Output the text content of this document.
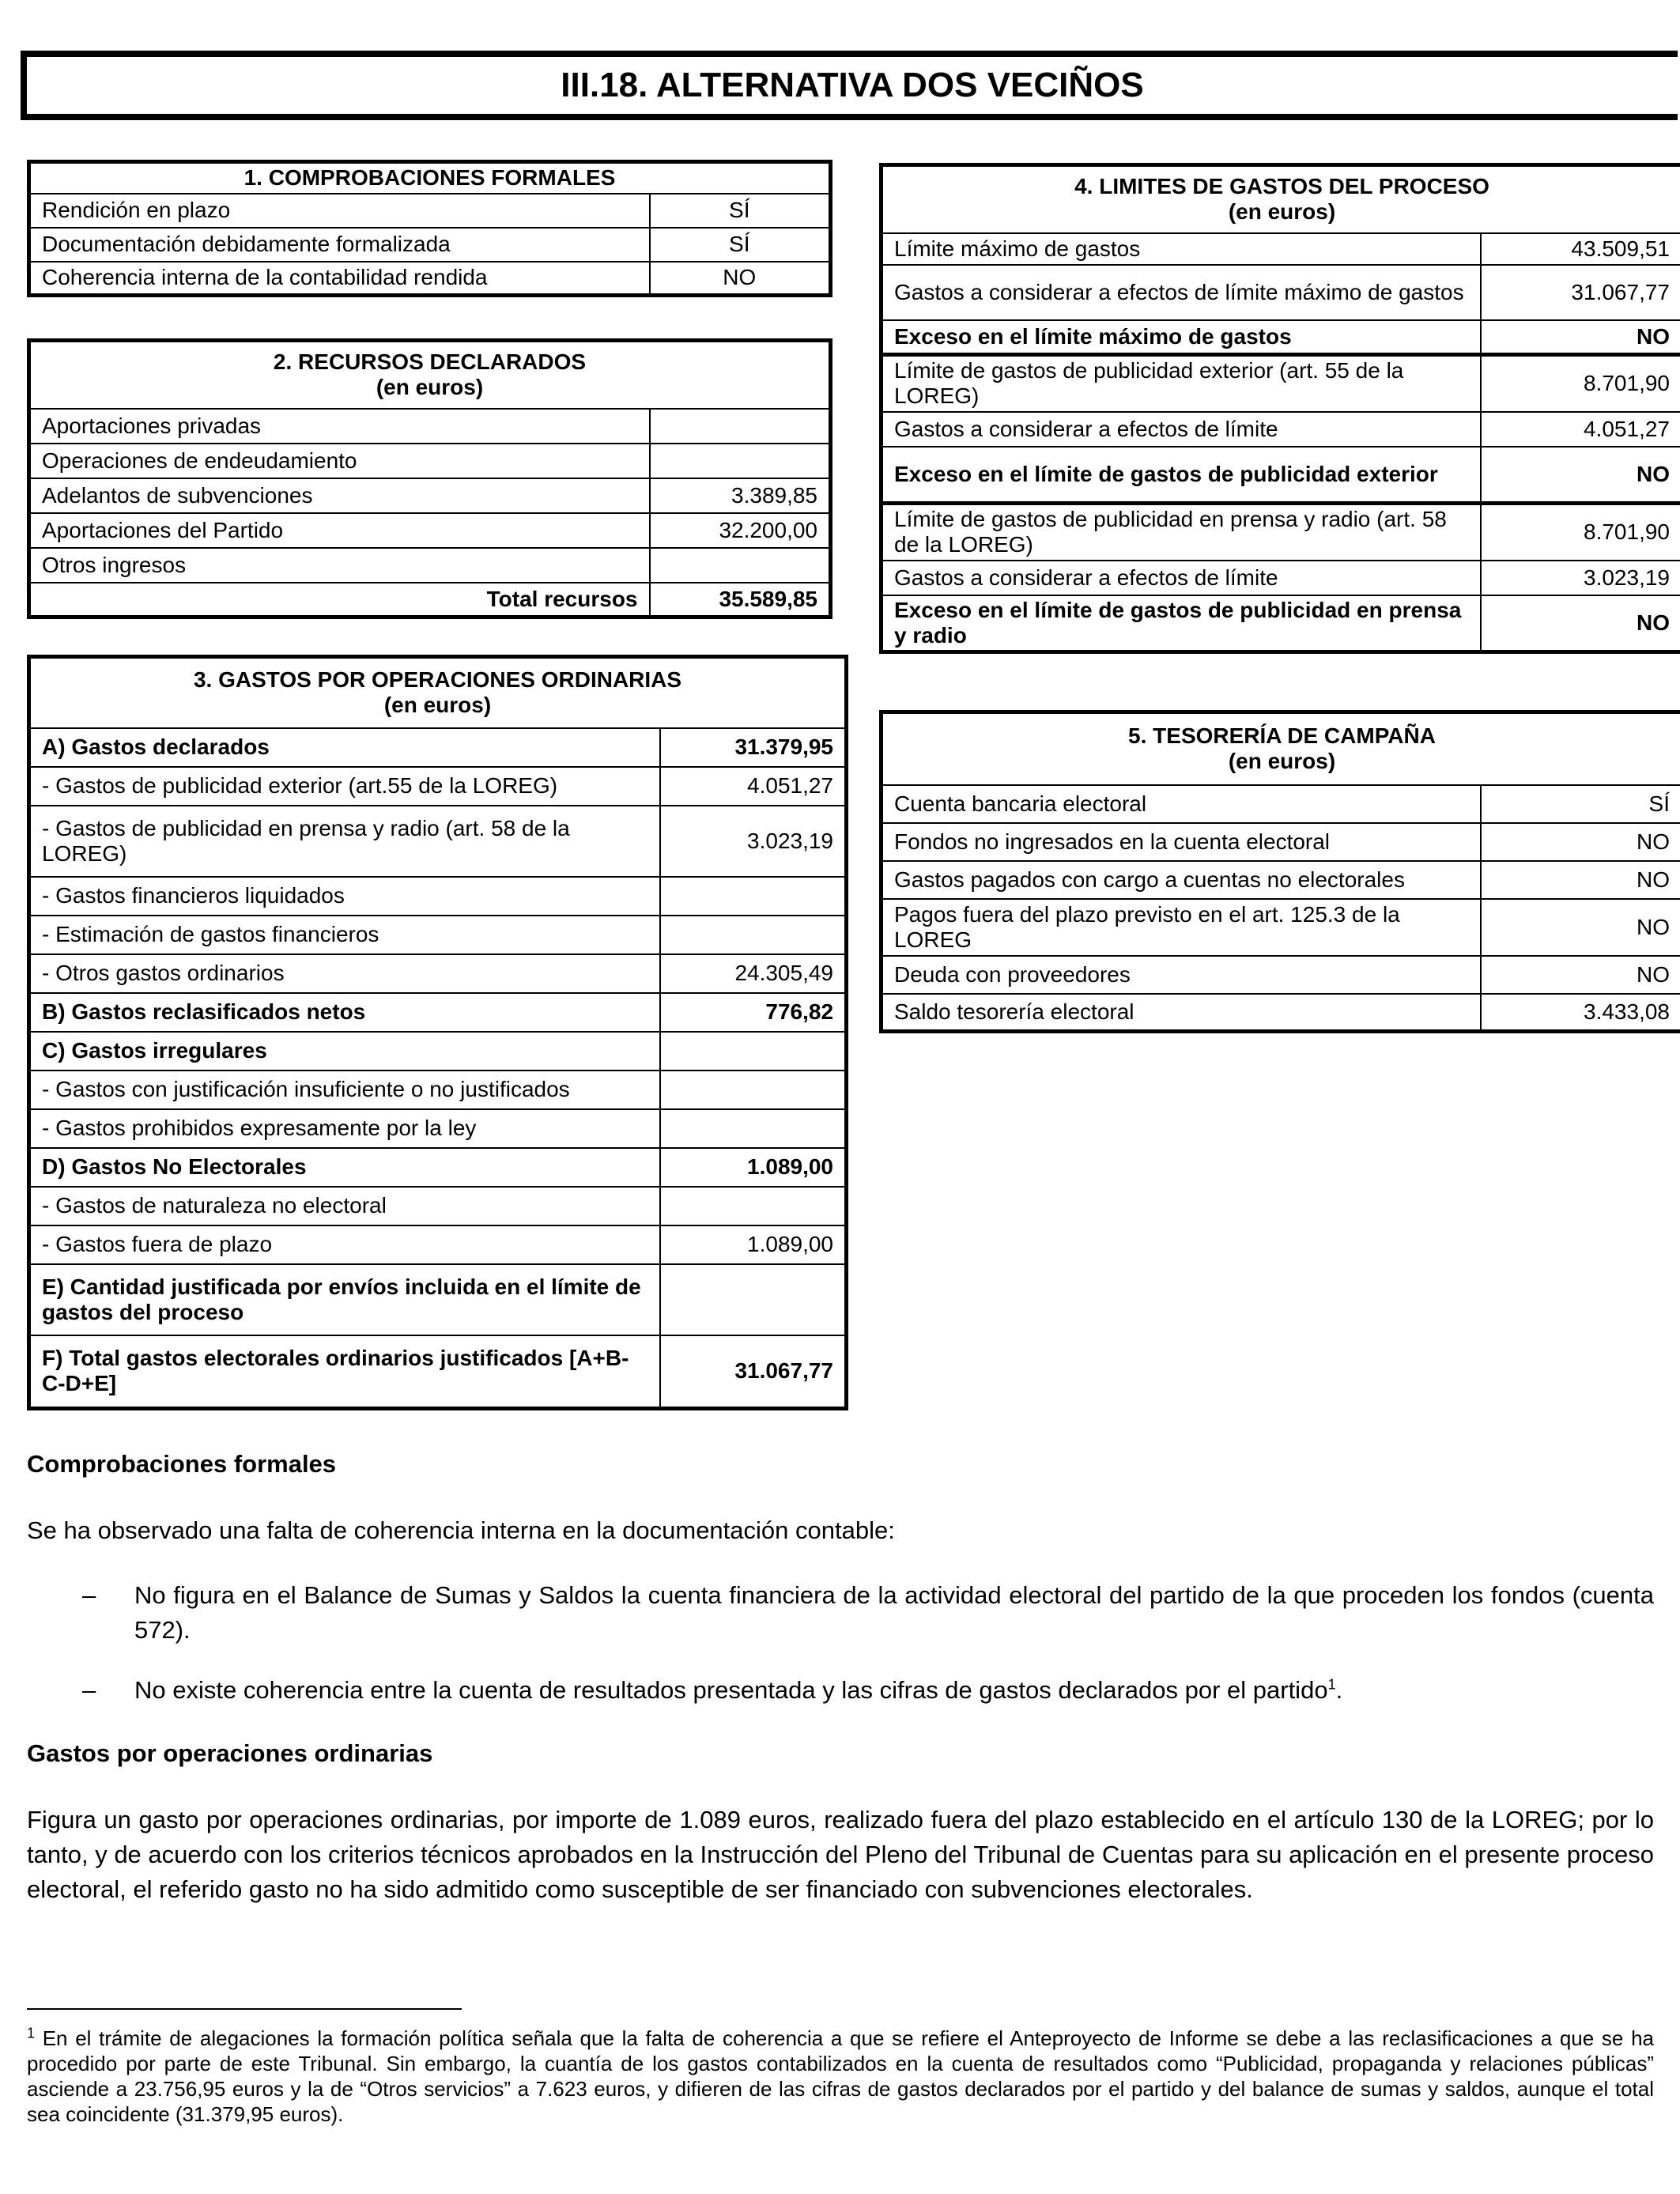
III.18. ALTERNATIVA DOS VECIÑOS
1. COMPROBACIONES FORMALES	
Rendición en plazo	SÍ
Documentación debidamente formalizada	SÍ
Coherencia interna de la contabilidad rendida	NO
2. RECURSOS DECLARADOS
(en euros)	

Aportaciones privadas	
Operaciones de endeudamiento	
Adelantos de subvenciones	3.389,85
Aportaciones del Partido	32.200,00
Otros ingresos	
Total recursos	35.589,85
3. GASTOS POR OPERACIONES ORDINARIAS
(en euros)	

A) Gastos declarados	31.379,95
- Gastos de publicidad exterior (art.55 de la LOREG)	4.051,27
- Gastos de publicidad en prensa y radio (art. 58 de la LOREG)	3.023,19
- Gastos financieros liquidados	
- Estimación de gastos financieros	
- Otros gastos ordinarios	24.305,49
B) Gastos reclasificados netos	776,82
C) Gastos irregulares	
- Gastos con justificación insuficiente o no justificados	
- Gastos prohibidos expresamente por la ley	
D) Gastos No Electorales	1.089,00
- Gastos de naturaleza no electoral	
- Gastos fuera de plazo	1.089,00
E) Cantidad justificada por envíos incluida en el límite de gastos del proceso	
F) Total gastos electorales ordinarios justificados [A+B-C-D+E]	31.067,77
4. LIMITES DE GASTOS DEL PROCESO
(en euros)	

Límite máximo de gastos	43.509,51
Gastos a considerar a efectos de límite máximo de gastos	31.067,77
Exceso en el límite máximo de gastos	NO
Límite de gastos de publicidad exterior (art. 55 de la LOREG)	8.701,90
Gastos a considerar a efectos de límite	4.051,27
Exceso en el límite de gastos de publicidad exterior	NO
Límite de gastos de publicidad en prensa y radio (art. 58 de la LOREG)	8.701,90
Gastos a considerar a efectos de límite	3.023,19
Exceso en el límite de gastos de publicidad en prensa y radio	NO
5. TESORERÍA DE CAMPAÑA
(en euros)	

Cuenta bancaria electoral	SÍ
Fondos no ingresados en la cuenta electoral	NO
Gastos pagados con cargo a cuentas no electorales	NO
Pagos fuera del plazo previsto en el art. 125.3 de la LOREG	NO
Deuda con proveedores	NO
Saldo tesorería electoral	3.433,08

Comprobaciones formales

Se ha observado una falta de coherencia interna en la documentación contable:

– No figura en el Balance de Sumas y Saldos la cuenta financiera de la actividad electoral del partido de la que proceden los fondos (cuenta 572).

– No existe coherencia entre la cuenta de resultados presentada y las cifras de gastos declarados por el partido$^1$.

Gastos por operaciones ordinarias

Figura un gasto por operaciones ordinarias, por importe de 1.089 euros, realizado fuera del plazo establecido en el artículo 130 de la LOREG; por lo tanto, y de acuerdo con los criterios técnicos aprobados en la Instrucción del Pleno del Tribunal de Cuentas para su aplicación en el presente proceso electoral, el referido gasto no ha sido admitido como susceptible de ser financiado con subvenciones electorales.

$^1$ En el trámite de alegaciones la formación política señala que la falta de coherencia a que se refiere el Anteproyecto de Informe se debe a las reclasificaciones a que se ha procedido por parte de este Tribunal. Sin embargo, la cuantía de los gastos contabilizados en la cuenta de resultados como “Publicidad, propaganda y relaciones públicas” asciende a 23.756,95 euros y la de “Otros servicios” a 7.623 euros, y difieren de las cifras de gastos declarados por el partido y del balance de sumas y saldos, aunque el total sea coincidente (31.379,95 euros).
